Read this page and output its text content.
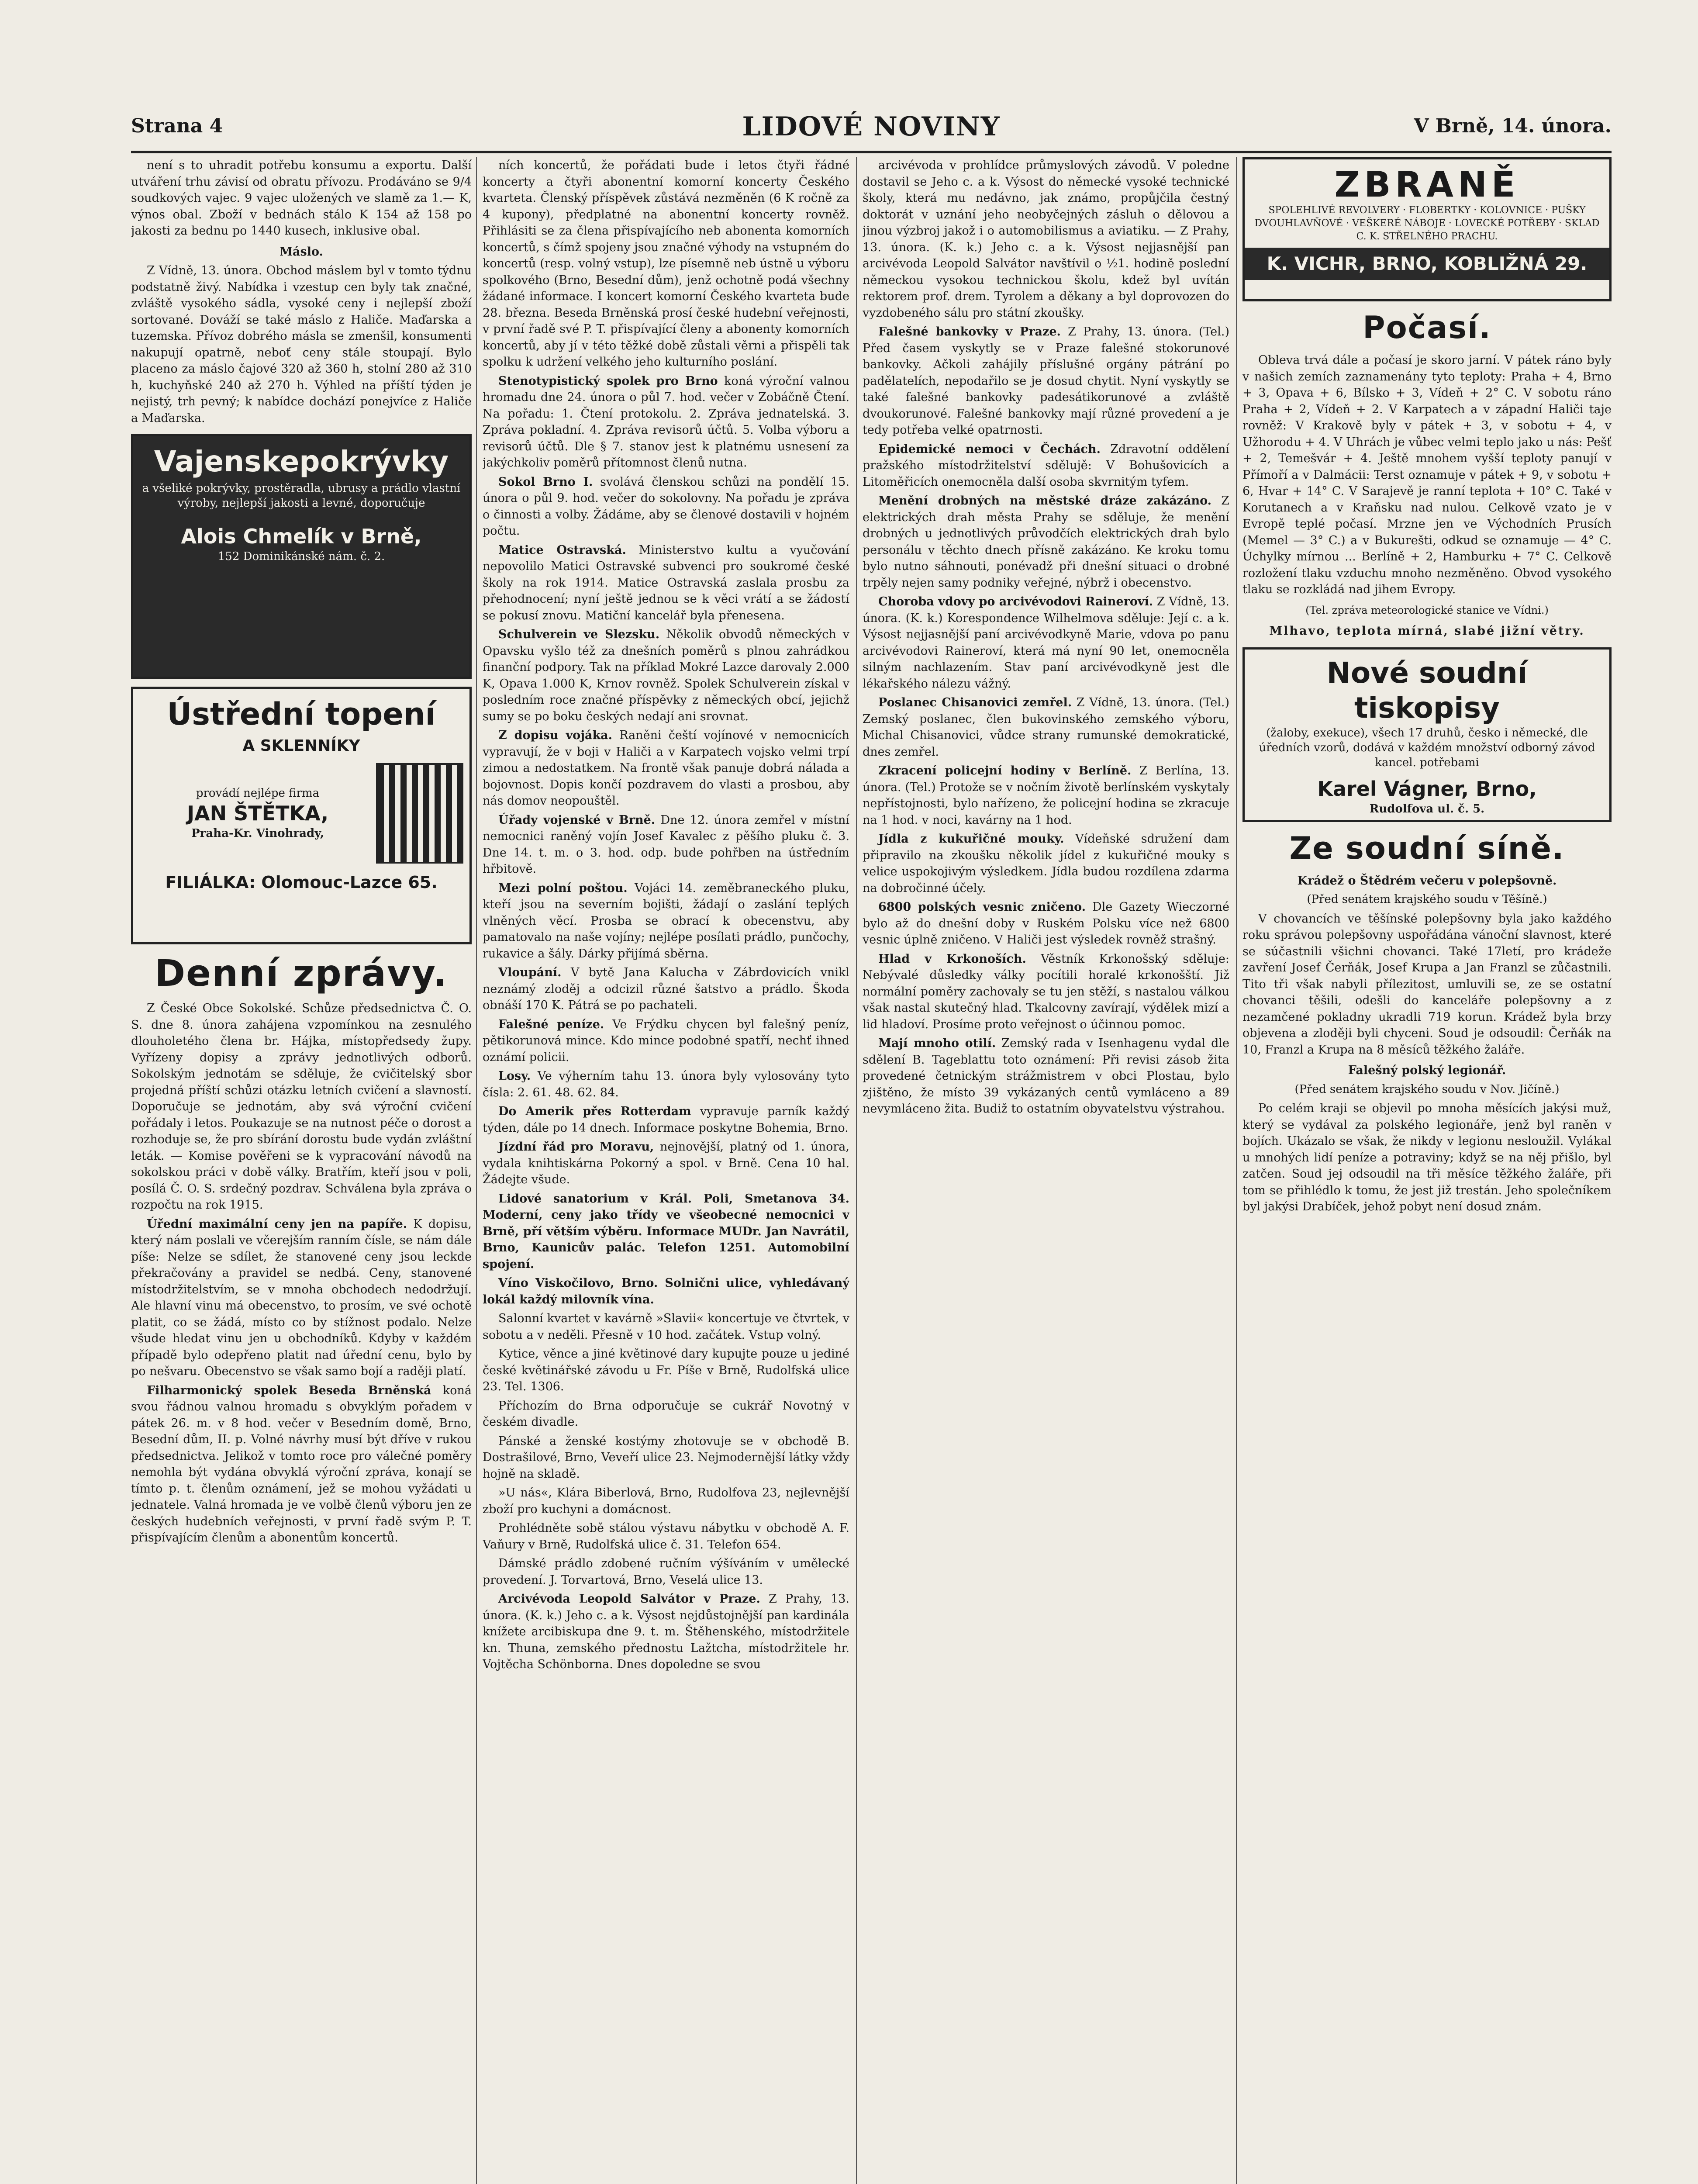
Strana 4	LIDOVÉ NOVINY	V Brně, 14. února.

není s to uhradit potřebu konsumu a exportu. Další utváření trhu závisí od obratu přívozu. Prodáváno se 9/4 soudkových vajec. 9 vajec uložených ve slamě za 1.— K, výnos obal. Zboží v bednách stálo K 154 až 158 po jakosti za bednu po 1440 kusech, inklusive obal.

Máslo.

Z Vídně, 13. února. Obchod máslem byl v tomto týdnu podstatně živý. Nabídka i vzestup cen byly tak značné, zvláště vysokého sádla, vysoké ceny i nejlepší zboží sortované. Dováží se také máslo z Haliče. Maďarska a tuzemska. Přívoz dobrého másla se zmenšil, konsumenti nakupují opatrně, neboť ceny stále stoupají. Bylo placeno za máslo čajové 320 až 360 h, stolní 280 až 310 h, kuchyňské 240 až 270 h. Výhled na příští týden je nejistý, trh pevný; k nabídce dochází ponejvíce z Haliče a Maďarska.

Vajenskepokrývky
a všeliké pokrývky, prostěradla, ubrusy a prádlo vlastní výroby, nejlepší jakosti a levné, doporučuje
Alois Chmelík v Brně,
152 Dominikánské nám. č. 2.
Ústřední topení
A SKLENNÍKY
provádí nejlépe firma
JAN ŠTĚTKA,
Praha-Kr. Vinohrady,
FILIÁLKA: Olomouc-Lazce 65.
Denní zprávy.

Z České Obce Sokolské. Schůze předsednictva Č. O. S. dne 8. února zahájena vzpomínkou na zesnulého dlouholetého člena br. Hájka, místopředsedy župy. Vyřízeny dopisy a zprávy jednotlivých odborů. Sokolským jednotám se sděluje, že cvičitelský sbor projedná příští schůzi otázku letních cvičení a slavností. Doporučuje se jednotám, aby svá výroční cvičení pořádaly i letos. Poukazuje se na nutnost péče o dorost a rozhoduje se, že pro sbírání dorostu bude vydán zvláštní leták. — Komise pověřeni se k vypracování návodů na sokolskou práci v době války. Bratřím, kteří jsou v poli, posílá Č. O. S. srdečný pozdrav. Schválena byla zpráva o rozpočtu na rok 1915.

Úřední maximální ceny jen na papíře. K dopisu, který nám poslali ve včerejším ranním čísle, se nám dále píše: Nelze se sdílet, že stanovené ceny jsou leckde překračovány a pravidel se nedbá. Ceny, stanovené místodržitelstvím, se v mnoha obchodech nedodržují. Ale hlavní vinu má obecenstvo, to prosím, ve své ochotě platit, co se žádá, místo co by stížnost podalo. Nelze všude hledat vinu jen u obchodníků. Kdyby v každém případě bylo odepřeno platit nad úřední cenu, bylo by po nešvaru. Obecenstvo se však samo bojí a raději platí.

Filharmonický spolek Beseda Brněnská koná svou řádnou valnou hromadu s obvyklým pořadem v pátek 26. m. v 8 hod. večer v Besedním domě, Brno, Besední dům, II. p. Volné návrhy musí být dříve v rukou předsednictva. Jelikož v tomto roce pro válečné poměry nemohla být vydána obvyklá výroční zpráva, konají se tímto p. t. členům oznámení, jež se mohou vyžádati u jednatele. Valná hromada je ve volbě členů výboru jen ze českých hudebních veřejnosti, v první řadě svým P. T. přispívajícím členům a abonentům koncertů.

ních koncertů, že pořádati bude i letos čtyři řádné koncerty a čtyři abonentní komorní koncerty Českého kvarteta. Členský příspěvek zůstává nezměněn (6 K ročně za 4 kupony), předplatné na abonentní koncerty rovněž. Přihlásiti se za člena přispívajícího neb abonenta komorních koncertů, s čímž spojeny jsou značné výhody na vstupném do koncertů (resp. volný vstup), lze písemně neb ústně u výboru spolkového (Brno, Besední dům), jenž ochotně podá všechny žádané informace. I koncert komorní Českého kvarteta bude 28. března. Beseda Brněnská prosí české hudební veřejnosti, v první řadě své P. T. přispívající členy a abonenty komorních koncertů, aby jí v této těžké době zůstali věrni a přispěli tak spolku k udržení velkého jeho kulturního poslání.

Stenotypistický spolek pro Brno koná výroční valnou hromadu dne 24. února o půl 7. hod. večer v Zobáčně Čtení. Na pořadu: 1. Čtení protokolu. 2. Zpráva jednatelská. 3. Zpráva pokladní. 4. Zpráva revisorů účtů. 5. Volba výboru a revisorů účtů. Dle § 7. stanov jest k platnému usnesení za jakýchkoliv poměrů přítomnost členů nutna.

Sokol Brno I. svolává členskou schůzi na pondělí 15. února o půl 9. hod. večer do sokolovny. Na pořadu je zpráva o činnosti a volby. Žádáme, aby se členové dostavili v hojném počtu.

Matice Ostravská. Ministerstvo kultu a vyučování nepovolilo Matici Ostravské subvenci pro soukromé české školy na rok 1914. Matice Ostravská zaslala prosbu za přehodnocení; nyní ještě jednou se k věci vrátí a se žádostí se pokusí znovu. Matiční kancelář byla přenesena.

Schulverein ve Slezsku. Několik obvodů německých v Opavsku vyšlo též za dnešních poměrů s plnou zahrádkou finanční podpory. Tak na příklad Mokré Lazce darovaly 2.000 K, Opava 1.000 K, Krnov rovněž. Spolek Schulverein získal v posledním roce značné příspěvky z německých obcí, jejichž sumy se po boku českých nedají ani srovnat.

Z dopisu vojáka. Raněni čeští vojínové v nemocnicích vypravují, že v boji v Haliči a v Karpatech vojsko velmi trpí zimou a nedostatkem. Na frontě však panuje dobrá nálada a bojovnost. Dopis končí pozdravem do vlasti a prosbou, aby nás domov neopouštěl.

Úřady vojenské v Brně. Dne 12. února zemřel v místní nemocnici raněný vojín Josef Kavalec z pěšího pluku č. 3. Dne 14. t. m. o 3. hod. odp. bude pohřben na ústředním hřbitově.

Mezi polní poštou. Vojáci 14. zeměbraneckého pluku, kteří jsou na severním bojišti, žádají o zaslání teplých vlněných věcí. Prosba se obrací k obecenstvu, aby pamatovalo na naše vojíny; nejlépe posílati prádlo, punčochy, rukavice a šály. Dárky přijímá sběrna.

Vloupání. V bytě Jana Kalucha v Zábrdovicích vnikl neznámý zloděj a odcizil různé šatstvo a prádlo. Škoda obnáší 170 K. Pátrá se po pachateli.

Falešné peníze. Ve Frýdku chycen byl falešný peníz, pětikorunová mince. Kdo mince podobné spatří, nechť ihned oznámí policii.

Losy. Ve výherním tahu 13. února byly vylosovány tyto čísla: 2. 61. 48. 62. 84.

Do Amerik přes Rotterdam vypravuje parník každý týden, dále po 14 dnech. Informace poskytne Bohemia, Brno.

Jízdní řád pro Moravu, nejnovější, platný od 1. února, vydala knihtiskárna Pokorný a spol. v Brně. Cena 10 hal. Žádejte všude.

Lidové sanatorium v Král. Poli, Smetanova 34. Moderní, ceny jako třídy ve všeobecné nemocnici v Brně, pří větším výběru. Informace MUDr. Jan Navrátil, Brno, Kaunicův palác. Telefon 1251. Automobilní spojení.

Víno Viskočilovo, Brno. Solnični ulice, vyhledávaný lokál každý milovník vína.

Salonní kvartet v kavárně »Slavii« koncertuje ve čtvrtek, v sobotu a v neděli. Přesně v 10 hod. začátek. Vstup volný.

Kytice, věnce a jiné květinové dary kupujte pouze u jediné české květinářské závodu u Fr. Píše v Brně, Rudolfská ulice 23. Tel. 1306.

Příchozím do Brna odporučuje se cukrář Novotný v českém divadle.

Pánské a ženské kostýmy zhotovuje se v obchodě B. Dostrašilové, Brno, Veveří ulice 23. Nejmodernější látky vždy hojně na skladě.

»U nás«, Klára Biberlová, Brno, Rudolfova 23, nejlevnější zboží pro kuchyni a domácnost.

Prohlédněte sobě stálou výstavu nábytku v obchodě A. F. Vaňury v Brně, Rudolfská ulice č. 31. Telefon 654.

Dámské prádlo zdobené ručním výšíváním v umělecké provedení. J. Torvartová, Brno, Veselá ulice 13.

Arcivévoda Leopold Salvátor v Praze. Z Prahy, 13. února. (K. k.) Jeho c. a k. Výsost nejdůstojnější pan kardinála knížete arcibiskupa dne 9. t. m. Štěhenského, místodržitele kn. Thuna, zemského přednostu Lažtcha, místodržitele hr. Vojtěcha Schönborna. Dnes dopoledne se svou

arcivévoda v prohlídce průmyslových závodů. V poledne dostavil se Jeho c. a k. Výsost do německé vysoké technické školy, která mu nedávno, jak známo, propůjčila čestný doktorát v uznání jeho neobyčejných zásluh o dělovou a jinou výzbroj jakož i o automobilismus a aviatiku. — Z Prahy, 13. února. (K. k.) Jeho c. a k. Výsost nejjasnější pan arcivévoda Leopold Salvátor navštívil o ½1. hodině poslední německou vysokou technickou školu, kdež byl uvítán rektorem prof. drem. Tyrolem a děkany a byl doprovozen do vyzdobeného sálu pro státní zkoušky.

Falešné bankovky v Praze. Z Prahy, 13. února. (Tel.) Před časem vyskytly se v Praze falešné stokorunové bankovky. Ačkoli zahájily příslušné orgány pátrání po padělatelích, nepodařilo se je dosud chytit. Nyní vyskytly se také falešné bankovky padesátikorunové a zvláště dvoukorunové. Falešné bankovky mají různé provedení a je tedy potřeba velké opatrnosti.

Epidemické nemoci v Čechách. Zdravotní oddělení pražského místodržitelství sdělujě: V Bohušovicích a Litoměřicích onemocněla další osoba skvrnitým tyfem.

Menění drobných na městské dráze zakázáno. Z elektrických drah města Prahy se sděluje, že menění drobných u jednotlivých průvodčích elektrických drah bylo personálu v těchto dnech přísně zakázáno. Ke kroku tomu bylo nutno sáhnouti, ponévadž při dnešní situaci o drobné trpěly nejen samy podniky veřejné, nýbrž i obecenstvo.

Choroba vdovy po arcivévodovi Raineroví. Z Vídně, 13. února. (K. k.) Korespondence Wilhelmova sděluje: Její c. a k. Výsost nejjasnější paní arcivévodkyně Marie, vdova po panu arcivévodovi Raineroví, která má nyní 90 let, onemocněla silným nachlazením. Stav paní arcivévodkyně jest dle lékařského nálezu vážný.

Poslanec Chisanovici zemřel. Z Vídně, 13. února. (Tel.) Zemský poslanec, člen bukovinského zemského výboru, Michal Chisanovici, vůdce strany rumunské demokratické, dnes zemřel.

Zkracení policejní hodiny v Berlíně. Z Berlína, 13. února. (Tel.) Protože se v nočním životě berlínském vyskytaly nepřístojnosti, bylo nařízeno, že policejní hodina se zkracuje na 1 hod. v noci, kavárny na 1 hod.

Jídla z kukuřičné mouky. Vídeňské sdružení dam připravilo na zkoušku několik jídel z kukuřičné mouky s velice uspokojivým výsledkem. Jídla budou rozdílena zdarma na dobročinné účely.

6800 polských vesnic zničeno. Dle Gazety Wieczorné bylo až do dnešní doby v Ruském Polsku více než 6800 vesnic úplně zničeno. V Haliči jest výsledek rovněž strašný.

Hlad v Krkonoších. Věstník Krkonošský sděluje: Nebývalé důsledky války pocítili horalé krkonošští. Již normální poměry zachovaly se tu jen stěží, s nastalou válkou však nastal skutečný hlad. Tkalcovny zavírají, výdělek mizí a lid hladoví. Prosíme proto veřejnost o účinnou pomoc.

Mají mnoho otilí. Zemský rada v Isenhagenu vydal dle sdělení B. Tageblattu toto oznámení: Při revisi zásob žita provedené četnickým strážmistrem v obci Plostau, bylo zjištěno, že místo 39 vykázaných centů vymláceno a 89 nevymláceno žita. Budiž to ostatním obyvatelstvu výstrahou.

ZBRANĚ
SPOLEHLIVÉ REVOLVERY · FLOBERTKY · KOLOVNICE · PUŠKY DVOUHLAVŇOVÉ · VEŠKERÉ NÁBOJE · LOVECKÉ POTŘEBY · SKLAD C. K. STŘELNÉHO PRACHU.
K. VICHR, BRNO, KOBLIŽNÁ 29.
Počasí.

Obleva trvá dále a počasí je skoro jarní. V pátek ráno byly v našich zemích zaznamenány tyto teploty: Praha + 4, Brno + 3, Opava + 6, Bílsko + 3, Vídeň + 2° C. V sobotu ráno Praha + 2, Vídeň + 2. V Karpatech a v západní Haliči taje rovněž: V Krakově byly v pátek + 3, v sobotu + 4, v Užhorodu + 4. V Uhrách je vůbec velmi teplo jako u nás: Pešť + 2, Temešvár + 4. Ještě mnohem vyšší teploty panují v Přímoří a v Dalmácii: Terst oznamuje v pátek + 9, v sobotu + 6, Hvar + 14° C. V Sarajevě je ranní teplota + 10° C. Také v Korutanech a v Kraňsku nad nulou. Celkově vzato je v Evropě teplé počasí. Mrzne jen ve Východních Prusích (Memel — 3° C.) a v Bukurešti, odkud se oznamuje — 4° C. Úchylky mírnou ... Berlíně + 2, Hamburku + 7° C. Celkově rozložení tlaku vzduchu mnoho nezměněno. Obvod vysokého tlaku se rozkládá nad jihem Evropy.

(Tel. zpráva meteorologické stanice ve Vídni.)

Mlhavo, teplota mírná, slabé jižní větry.

Nové soudní tiskopisy
(žaloby, exekuce), všech 17 druhů, česko i německé, dle úředních vzorů, dodává v každém množství odborný závod kancel. potřebami
Karel Vágner, Brno,
Rudolfova ul. č. 5.
Ze soudní síně.

Krádež o Štědrém večeru v polepšovně.

(Před senátem krajského soudu v Těšíně.)

V chovancích ve těšínské polepšovny byla jako každého roku správou polepšovny uspořádána vánoční slavnost, které se súčastnili všichni chovanci. Také 17letí, pro krádeže zavření Josef Čerňák, Josef Krupa a Jan Franzl se zůčastnili. Tito tři však nabyli přílezitost, umluvili se, ze se ostatní chovanci těšili, odešli do kanceláře polepšovny a z nezamčené pokladny ukradli 719 korun. Krádež byla brzy objevena a zloději byli chyceni. Soud je odsoudil: Čerňák na 10, Franzl a Krupa na 8 měsíců těžkého žaláře.

Falešný polský legionář.

(Před senátem krajského soudu v Nov. Jičíně.)

Po celém kraji se objevil po mnoha měsících jakýsi muž, který se vydával za polského legionáře, jenž byl raněn v bojích. Ukázalo se však, že nikdy v legionu nesloužil. Vylákal u mnohých lidí peníze a potraviny; když se na něj přišlo, byl zatčen. Soud jej odsoudil na tři měsíce těžkého žaláře, při tom se přihlédlo k tomu, že jest již trestán. Jeho společníkem byl jakýsi Drabíček, jehož pobyt není dosud znám.
